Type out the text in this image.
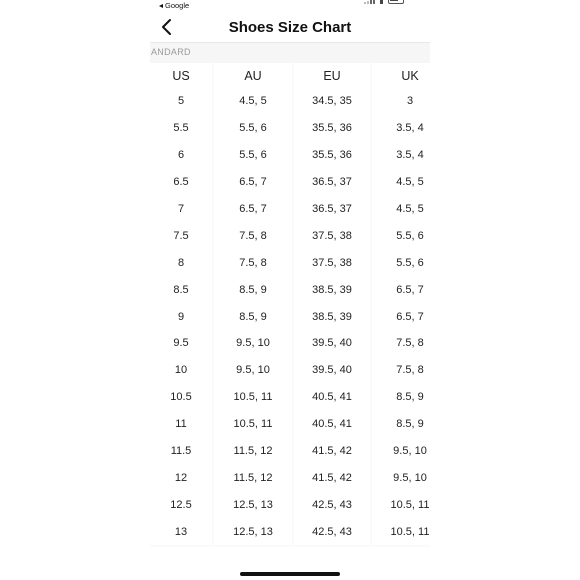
Google
Shoes Size Chart
ANDARD
US	AU	EU	UK
5	4.5, 5	34.5, 35	3
5.5	5.5, 6	35.5, 36	3.5, 4
6	5.5, 6	35.5, 36	3.5, 4
6.5	6.5, 7	36.5, 37	4.5, 5
7	6.5, 7	36.5, 37	4.5, 5
7.5	7.5, 8	37.5, 38	5.5, 6
8	7.5, 8	37.5, 38	5.5, 6
8.5	8.5, 9	38.5, 39	6.5, 7
9	8.5, 9	38.5, 39	6.5, 7
9.5	9.5, 10	39.5, 40	7.5, 8
10	9.5, 10	39.5, 40	7.5, 8
10.5	10.5, 11	40.5, 41	8.5, 9
11	10.5, 11	40.5, 41	8.5, 9
11.5	11.5, 12	41.5, 42	9.5, 10
12	11.5, 12	41.5, 42	9.5, 10
12.5	12.5, 13	42.5, 43	10.5, 11
13	12.5, 13	42.5, 43	10.5, 11
